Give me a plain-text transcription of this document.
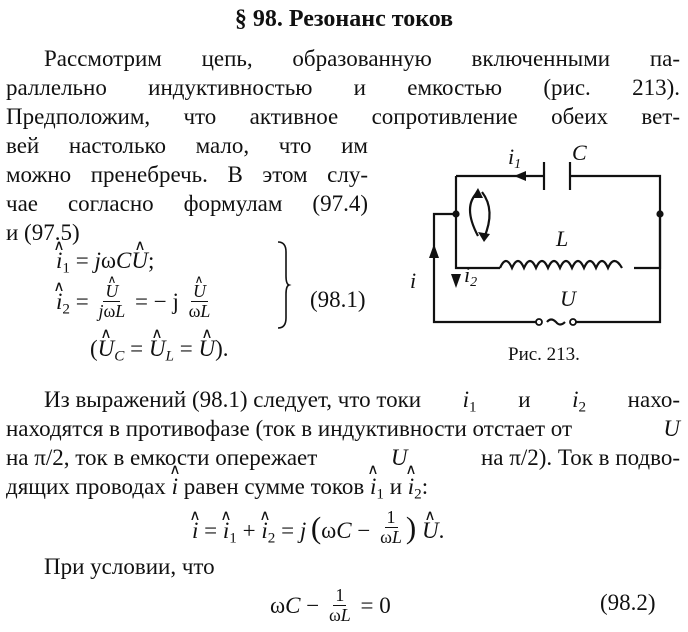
§ 98. Резонанс токов
Рассмотрим цепь, образованную включенными па-
раллельно индуктивностью и емкостью (рис. 213).
Предположим, что активное сопротивление обеих вет-
вей настолько мало, что им
можно пренебречь. В этом слу-
чае согласно формулам (97.4)
и (97.5)
∧ $i_1$ = jωC∧ U;
∧ $i_2$ = ∧ $\frac{U}{\text{jωL}}$
= − j
∧ $\frac{U}{\omega L}$	(98.1)
(∧ $U_C$ = ∧ $U_L$ = ∧ U).
i1 C
L
i2
i
U
Рис. 213.
Из выражений (98.1) следует, что токи $i_1$ и $i_2$ нахо-
находятся в противофазе (ток в индуктивности отстает от	U
на π/2, ток в емкости опережает	U	на π/2). Ток в подво-
дящих проводах ∧ i равен сумме токов ∧ $i_1$ и ∧ $i_2$:
∧ i = ∧ $i_1$ + ∧ $i_2 = j$  ($\omega C - \frac{1}{\omega L}$ ) ∧ U.
При условии, что
$\omega C - \frac{1}{\omega L}$
= 0	(98.2)
